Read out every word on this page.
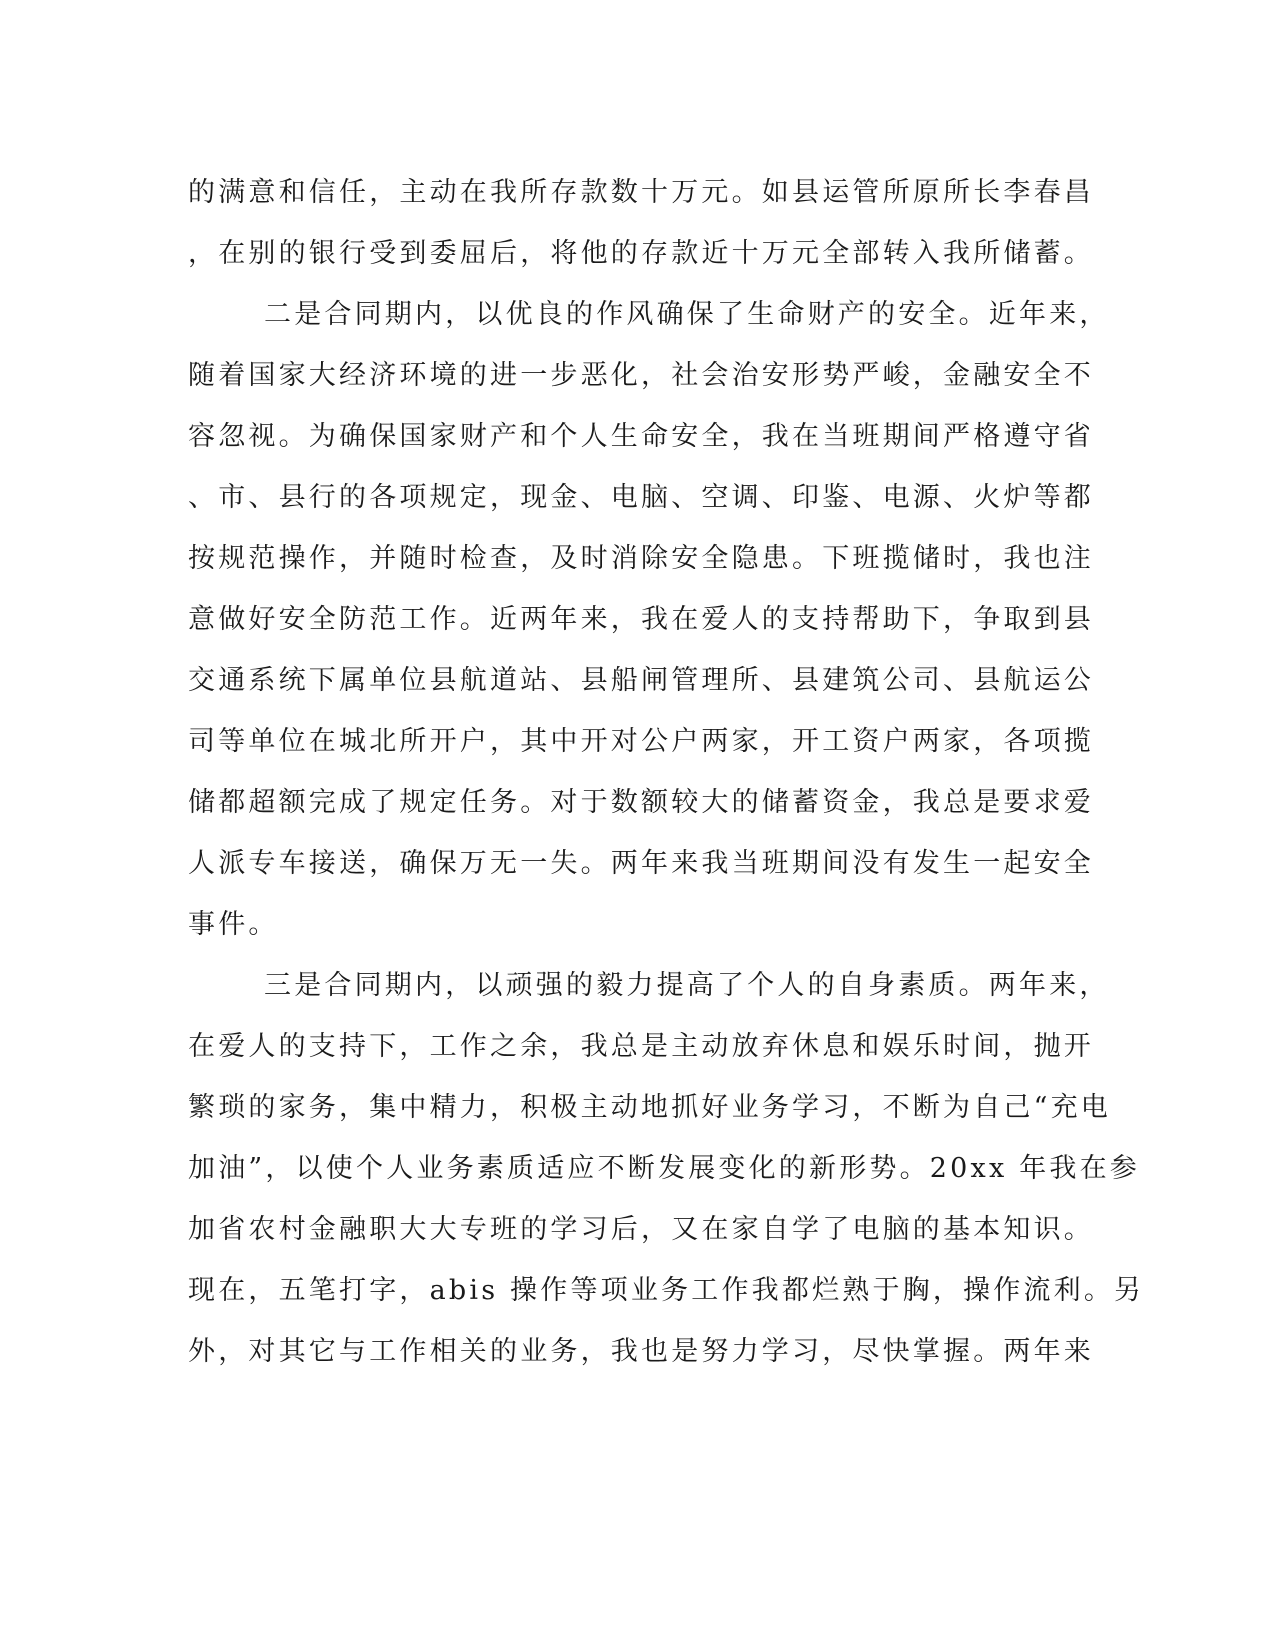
的满意和信任，主动在我所存款数十万元。如县运管所原所长李春昌
，在别的银行受到委屈后，将他的存款近十万元全部转入我所储蓄。
二是合同期内，以优良的作风确保了生命财产的安全。近年来，
随着国家大经济环境的进一步恶化，社会治安形势严峻，金融安全不
容忽视。为确保国家财产和个人生命安全，我在当班期间严格遵守省
、市、县行的各项规定，现金、电脑、空调、印鉴、电源、火炉等都
按规范操作，并随时检查，及时消除安全隐患。下班揽储时，我也注
意做好安全防范工作。近两年来，我在爱人的支持帮助下，争取到县
交通系统下属单位县航道站、县船闸管理所、县建筑公司、县航运公
司等单位在城北所开户，其中开对公户两家，开工资户两家，各项揽
储都超额完成了规定任务。对于数额较大的储蓄资金，我总是要求爱
人派专车接送，确保万无一失。两年来我当班期间没有发生一起安全
事件。
三是合同期内，以顽强的毅力提高了个人的自身素质。两年来，
在爱人的支持下，工作之余，我总是主动放弃休息和娱乐时间，抛开
繁琐的家务，集中精力，积极主动地抓好业务学习，不断为自己“充电
加油”，以使个人业务素质适应不断发展变化的新形势。20xx 年我在参
加省农村金融职大大专班的学习后，又在家自学了电脑的基本知识。
现在，五笔打字，abis 操作等项业务工作我都烂熟于胸，操作流利。另
外，对其它与工作相关的业务，我也是努力学习，尽快掌握。两年来
